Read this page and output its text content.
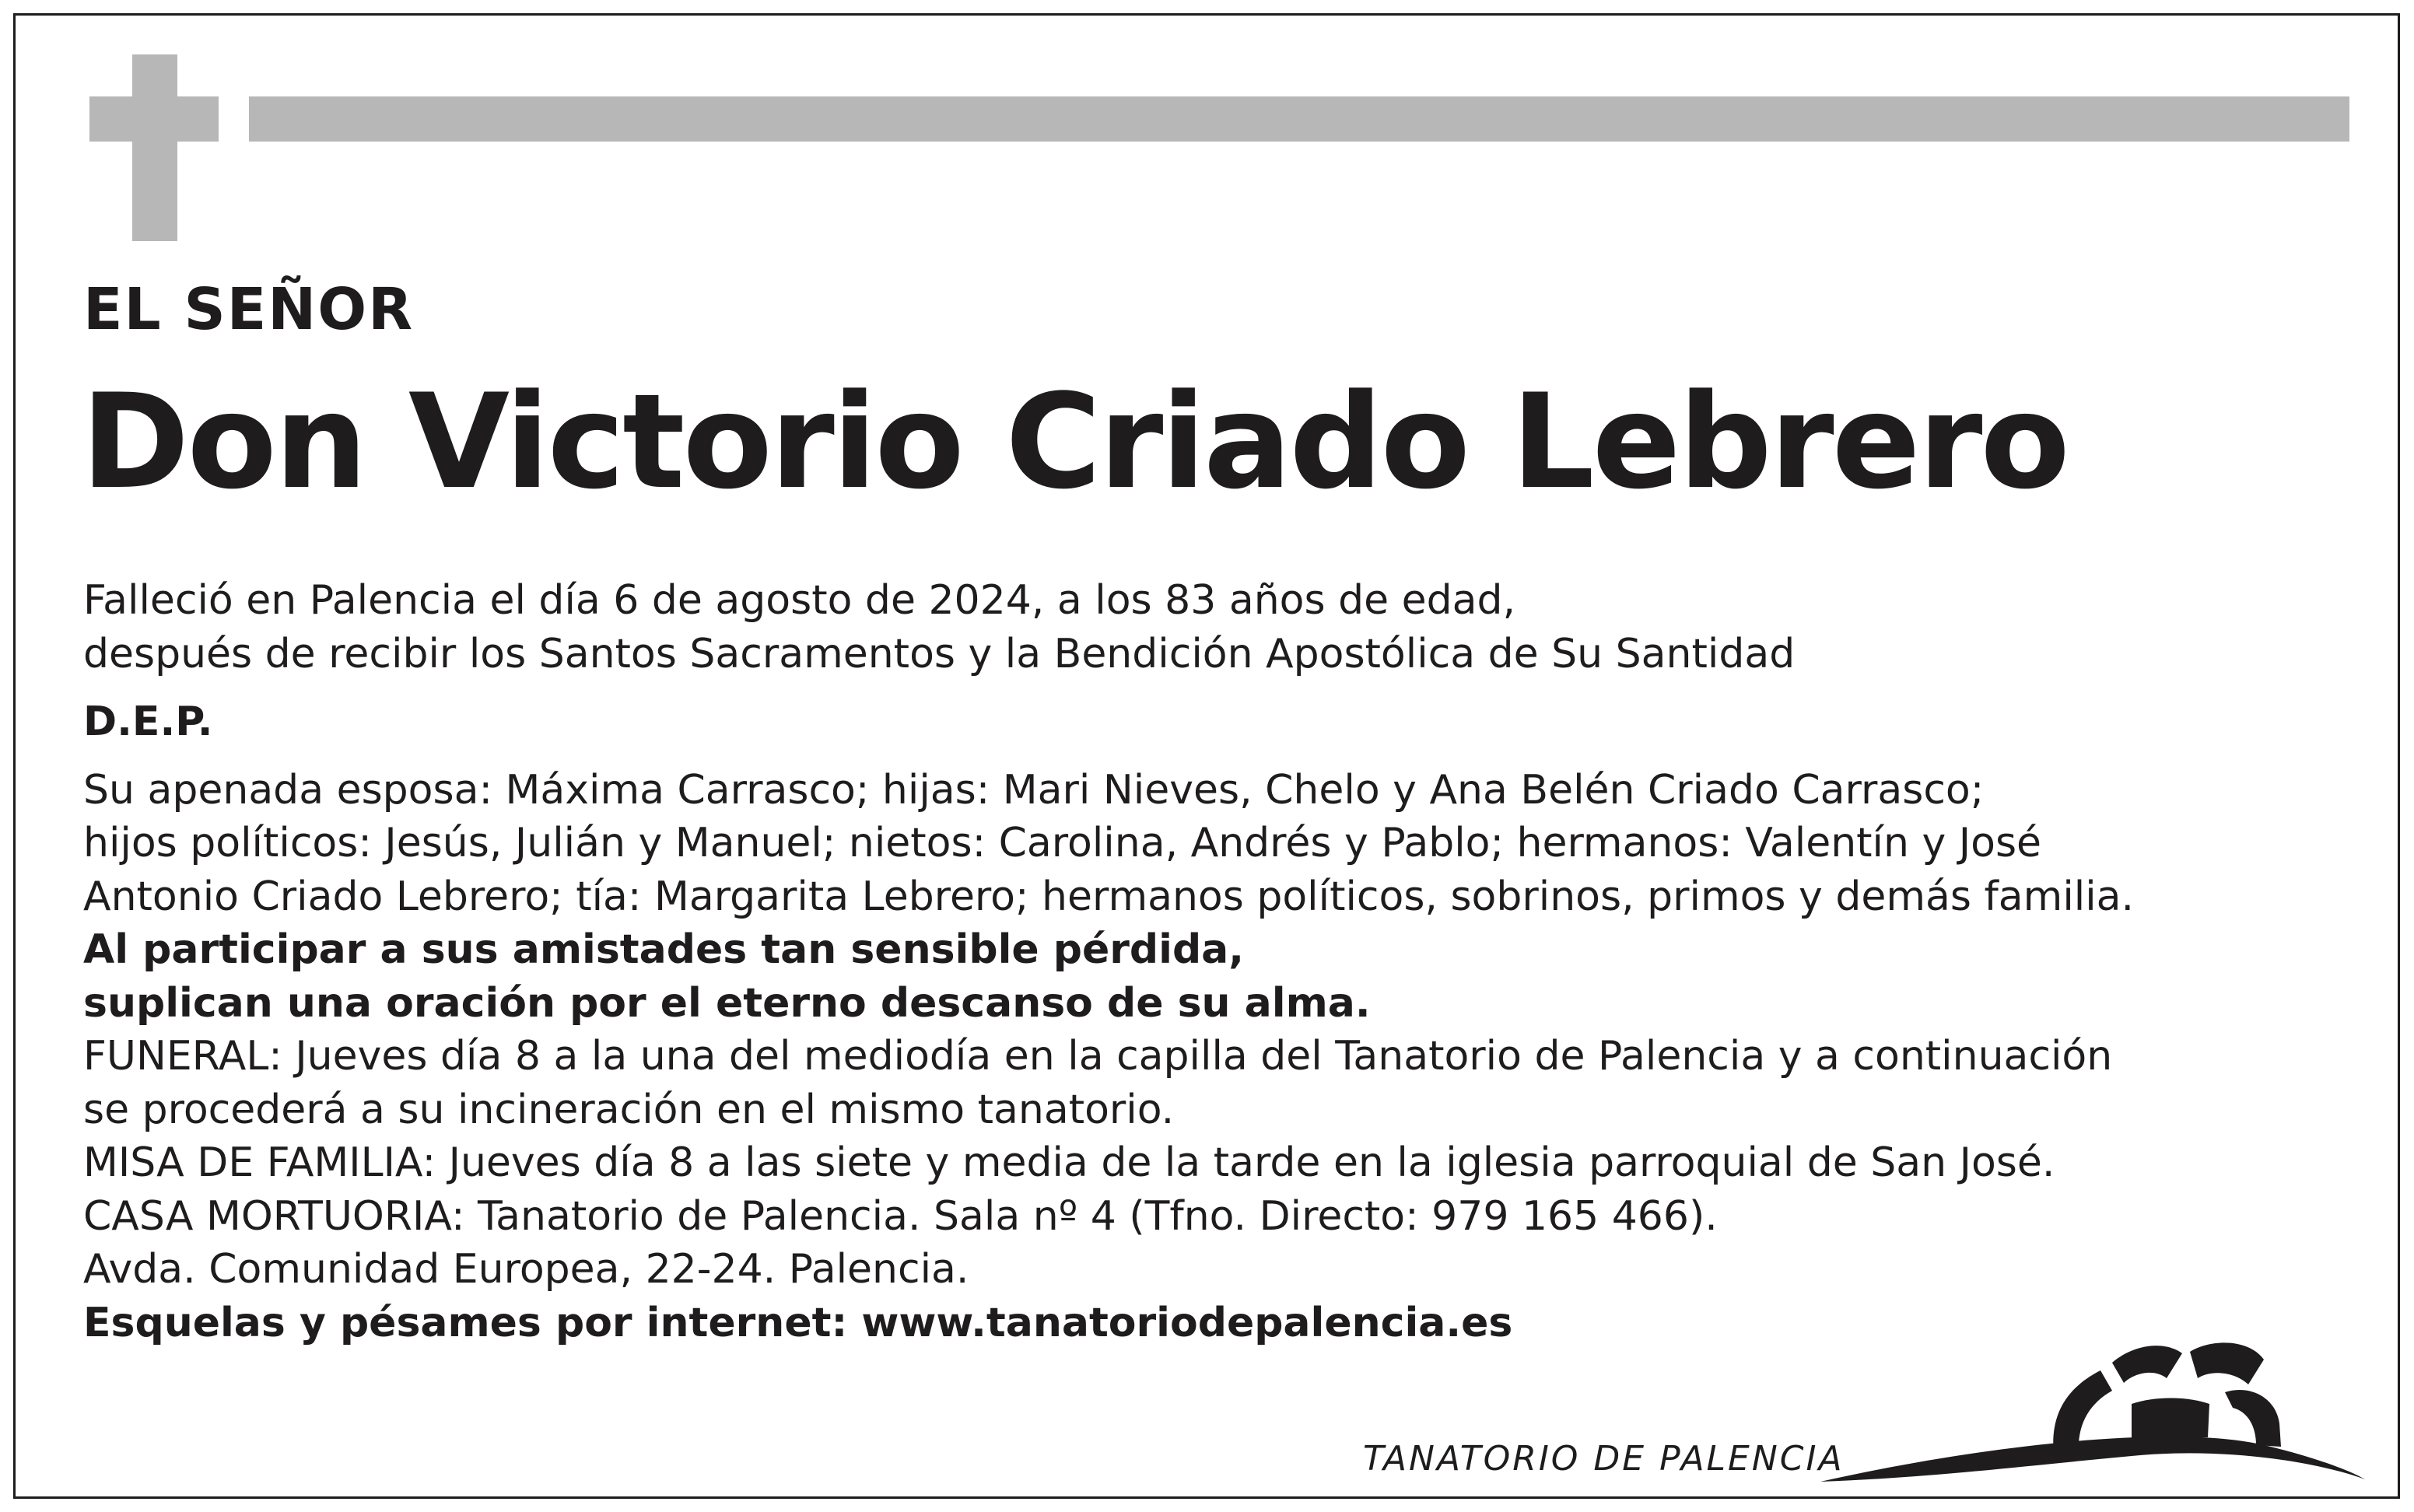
EL SEÑOR
Don Victorio Criado Lebrero
Falleció en Palencia el día 6 de agosto de 2024, a los 83 años de edad,
después de recibir los Santos Sacramentos y la Bendición Apostólica de Su Santidad
D.E.P.
Su apenada esposa: Máxima Carrasco; hijas: Mari Nieves, Chelo y Ana Belén Criado Carrasco;
hijos políticos: Jesús, Julián y Manuel; nietos: Carolina, Andrés y Pablo; hermanos: Valentín y José
Antonio Criado Lebrero; tía: Margarita Lebrero; hermanos políticos, sobrinos, primos y demás familia.
Al participar a sus amistades tan sensible pérdida,
suplican una oración por el eterno descanso de su alma.
FUNERAL: Jueves día 8 a la una del mediodía en la capilla del Tanatorio de Palencia y a continuación
se procederá a su incineración en el mismo tanatorio.
MISA DE FAMILIA: Jueves día 8 a las siete y media de la tarde en la iglesia parroquial de San José.
CASA MORTUORIA: Tanatorio de Palencia. Sala nº 4 (Tfno. Directo: 979 165 466).
Avda. Comunidad Europea, 22-24. Palencia.
Esquelas y pésames por internet: www.tanatoriodepalencia.es
TANATORIO DE PALENCIA
